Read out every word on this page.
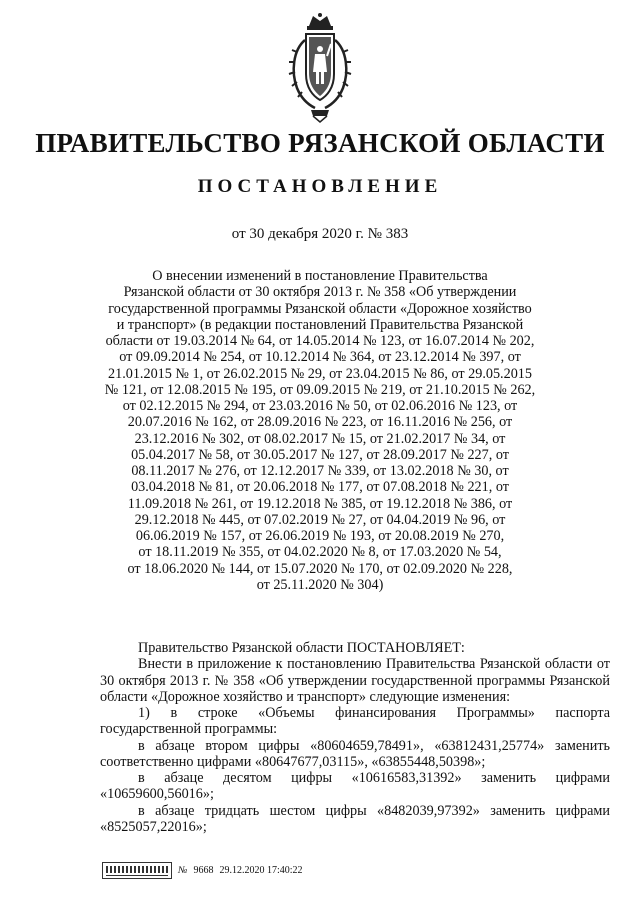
ПРАВИТЕЛЬСТВО РЯЗАНСКОЙ ОБЛАСТИ
ПОСТАНОВЛЕНИЕ
от 30 декабря 2020 г. № 383
О внесении изменений в постановление Правительства
Рязанской области от 30 октября 2013 г. № 358 «Об утверждении
государственной программы Рязанской области «Дорожное хозяйство
и транспорт» (в редакции постановлений Правительства Рязанской
области от 19.03.2014 № 64, от 14.05.2014 № 123, от 16.07.2014 № 202,
от 09.09.2014 № 254, от 10.12.2014 № 364, от 23.12.2014 № 397, от
21.01.2015 № 1, от 26.02.2015 № 29, от 23.04.2015 № 86, от 29.05.2015
№ 121, от 12.08.2015 № 195, от 09.09.2015 № 219, от 21.10.2015 № 262,
от 02.12.2015 № 294, от 23.03.2016 № 50, от 02.06.2016 № 123, от
20.07.2016 № 162, от 28.09.2016 № 223, от 16.11.2016 № 256, от
23.12.2016 № 302, от 08.02.2017 № 15, от 21.02.2017 № 34, от
05.04.2017 № 58, от 30.05.2017 № 127, от 28.09.2017 № 227, от
08.11.2017 № 276, от 12.12.2017 № 339, от 13.02.2018 № 30, от
03.04.2018 № 81, от 20.06.2018 № 177, от 07.08.2018 № 221, от
11.09.2018 № 261, от 19.12.2018 № 385, от 19.12.2018 № 386, от
29.12.2018 № 445, от 07.02.2019 № 27, от 04.04.2019 № 96, от
06.06.2019 № 157, от 26.06.2019 № 193, от 20.08.2019 № 270,
от 18.11.2019 № 355, от 04.02.2020 № 8, от 17.03.2020 № 54,
от 18.06.2020 № 144, от 15.07.2020 № 170, от 02.09.2020 № 228,
от 25.11.2020 № 304)

Правительство Рязанской области ПОСТАНОВЛЯЕТ:

Внести в приложение к постановлению Правительства Рязанской области от 30 октября 2013 г. № 358 «Об утверждении государственной программы Рязанской области «Дорожное хозяйство и транспорт» следующие изменения:

1) в строке «Объемы финансирования Программы» паспорта государственной программы:

в абзаце втором цифры «80604659,78491», «63812431,25774» заменить соответственно цифрами «80647677,03115», «63855448,50398»;

в абзаце десятом цифры «10616583,31392» заменить цифрами «10659600,56016»;

в абзаце тридцать шестом цифры «8482039,97392» заменить цифрами «8525057,22016»;

№ 9668 29.12.2020 17:40:22
